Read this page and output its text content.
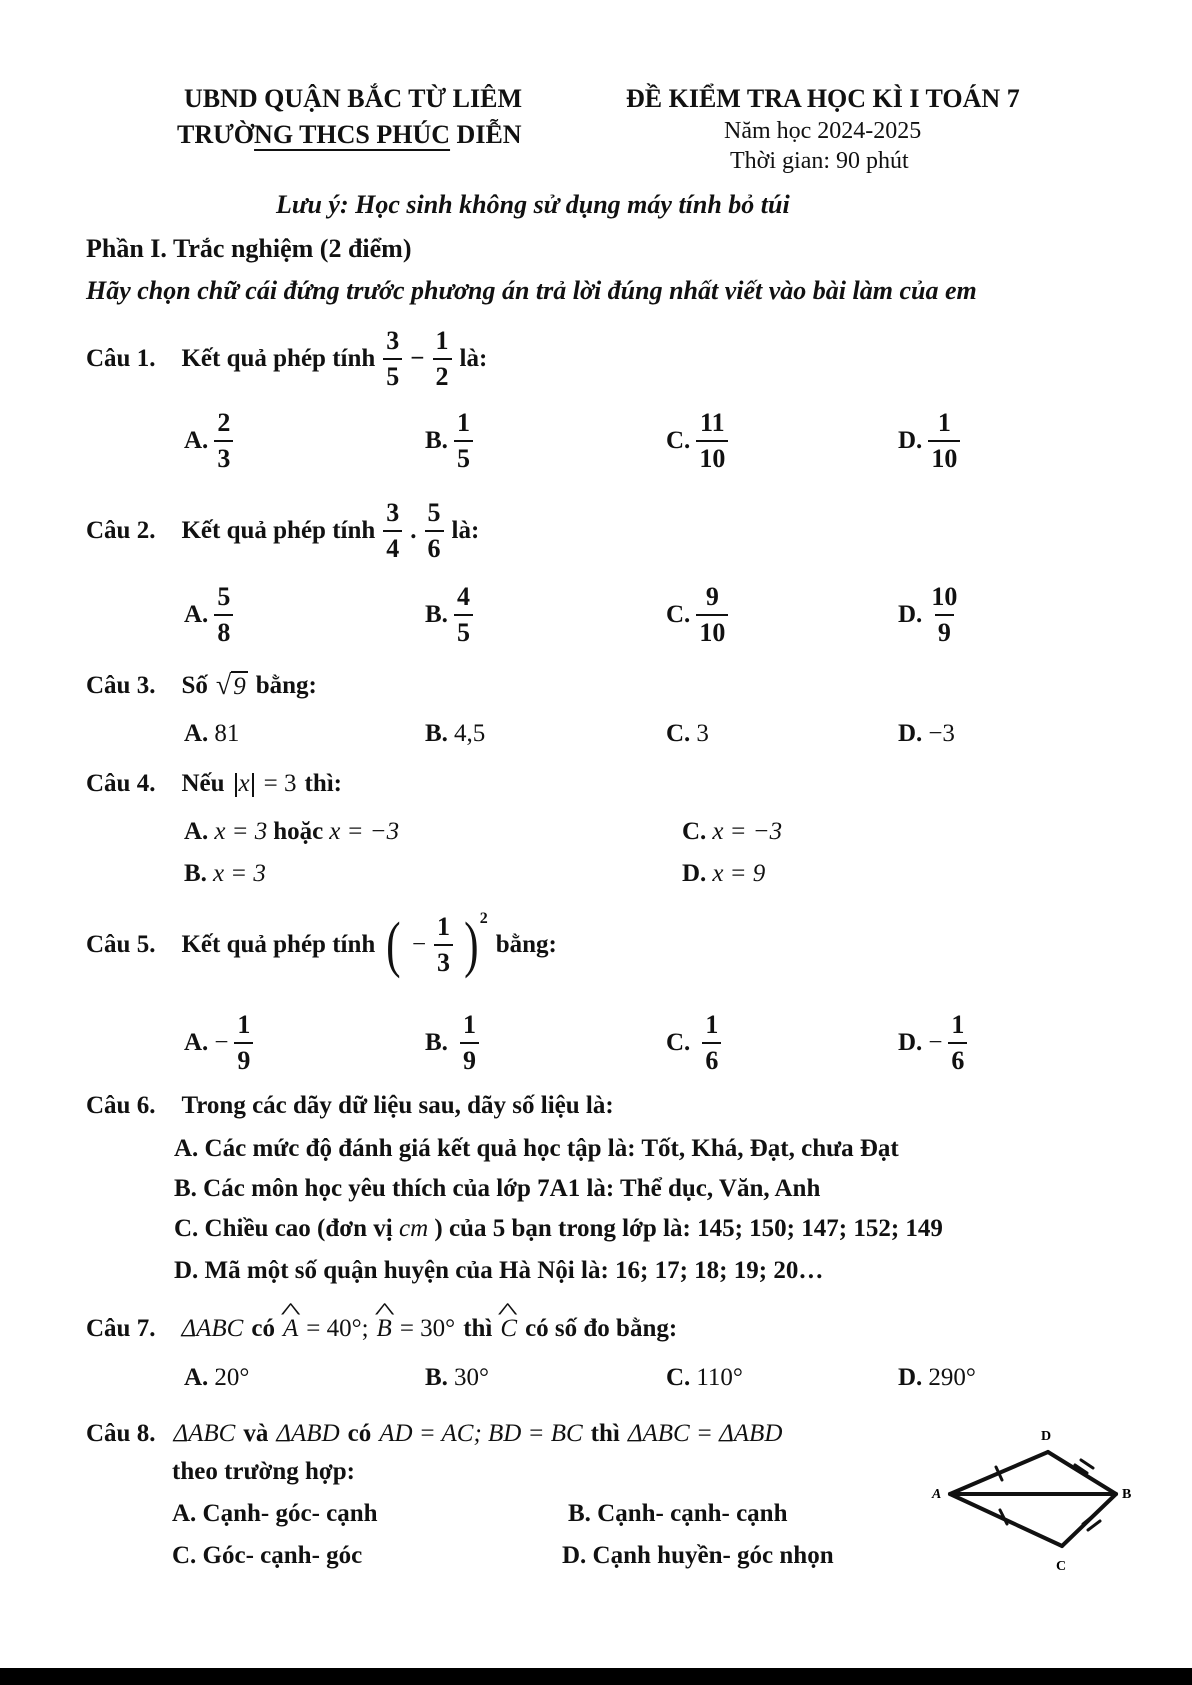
UBND QUẬN BẮC TỪ LIÊM
TRƯỜNG THCS PHÚC DIỄN
ĐỀ KIỂM TRA HỌC KÌ I TOÁN 7
Năm học 2024-2025
Thời gian: 90 phút
Lưu ý: Học sinh không sử dụng máy tính bỏ túi
Phần I. Trắc nghiệm (2 điểm)
Hãy chọn chữ cái đứng trước phương án trả lời đúng nhất viết vào bài làm của em
Câu 1. Kết quả phép tính $\frac{3}{5} - \frac{1}{2}$ là:
A. $\frac{2}{3}$	B. $\frac{1}{5}$	C. $\frac{11}{10}$	D. $\frac{1}{10}$
Câu 2. Kết quả phép tính $\frac{3}{4}$ . $\frac{5}{6}$ là:
A. $\frac{5}{8}$	B. $\frac{4}{5}$	C. $\frac{9}{10}$	D. $\frac{10}{9}$
Câu 3. Số √ 9 bằng:
A. 81	B. 4,5	C. 3	D. −3
Câu 4. Nếu x = 3 thì:
A. x = 3 hoặc x = −3
B. x = 3
C. x = −3
D. x = 9
Câu 5. Kết quả phép tính ( − $\frac{1}{3}$ ) 2
bằng:
A. − $\frac{1}{9}$	B. $\frac{1}{9}$	C. $\frac{1}{6}$	D. − $\frac{1}{6}$
Câu 6. Trong các dãy dữ liệu sau, dãy số liệu là:
A. Các mức độ đánh giá kết quả học tập là: Tốt, Khá, Đạt, chưa Đạt
B. Các môn học yêu thích của lớp 7A1 là: Thể dục, Văn, Anh
C. Chiều cao (đơn vị cm ) của 5 bạn trong lớp là: 145; 150; 147; 152; 149
D. Mã một số quận huyện của Hà Nội là: 16; 17; 18; 19; 20…
Câu 7. ΔABC có ^ A = 40°; ^ B = 30° thì ^ C có số đo bằng:
A. 20°	B. 30°	C. 110°	D. 290°
Câu 8. ΔABC và ΔABD có AD = AC; BD = BC thì ΔABC = ΔABD
theo trường hợp:
A. Cạnh- góc- cạnh	B. Cạnh- cạnh- cạnh
C. Góc- cạnh- góc	D. Cạnh huyền- góc nhọn
D
A	B
C
